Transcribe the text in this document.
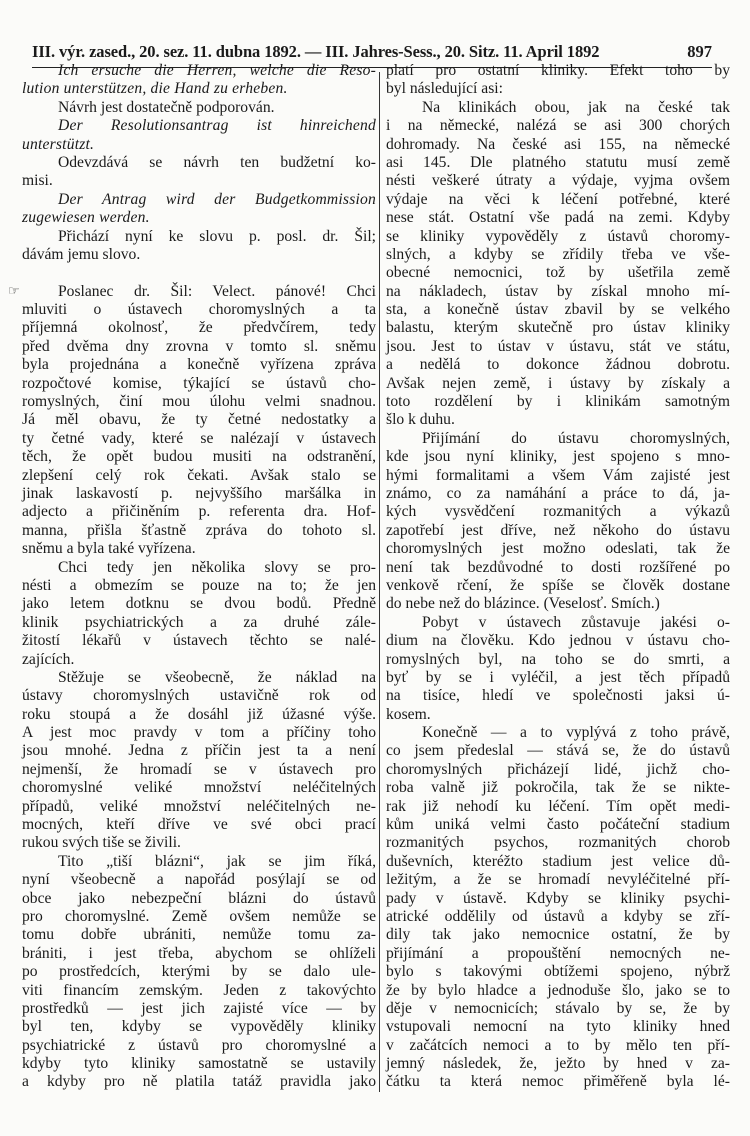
III. výr. zased., 20. sez. 11. dubna 1892. — III. Jahres-Sess., 20. Sitz. 11. April 1892	897
Ich ersuche die Herren, welche die Reso-
lution unterstützen, die Hand zu erheben.
Návrh jest dostatečně podporován.
Der Resolutionsantrag ist hinreichend
unterstützt.
Odevzdává se návrh ten budžetní ko-
misi.
Der Antrag wird der Budgetkommission
zugewiesen werden.
Přichází nyní ke slovu p. posl. dr. Šil;
dávám jemu slovo.
☞	Poslanec dr. Šil: Velect. pánové! Chci
mluviti o ústavech choromyslných a ta
příjemná okolnosť, že předvčírem, tedy
před dvěma dny zrovna v tomto sl. sněmu
byla projednána a konečně vyřízena zpráva
rozpočtové komise, týkající se ústavů cho-
romyslných, činí mou úlohu velmi snadnou.
Já měl obavu, že ty četné nedostatky a
ty četné vady, které se nalézají v ústavech
těch, že opět budou musiti na odstranění,
zlepšení celý rok čekati. Avšak stalo se
jinak laskavostí p. nejvyššího maršálka in
adjecto a přičiněním p. referenta dra. Hof-
manna, přišla šťastně zpráva do tohoto sl.
sněmu a byla také vyřízena.
Chci tedy jen několika slovy se pro-
nésti a obmezím se pouze na to; že jen
jako letem dotknu se dvou bodů. Předně
klinik psychiatrických a za druhé zále-
žitostí lékařů v ústavech těchto se nalé-
zajících.
Stěžuje se všeobecně, že náklad na
ústavy choromyslných ustavičně rok od
roku stoupá a že dosáhl již úžasné výše.
A jest moc pravdy v tom a příčiny toho
jsou mnohé. Jedna z příčin jest ta a není
nejmenší, že hromadí se v ústavech pro
choromyslné veliké množství neléčitelných
případů, veliké množství neléčitelných ne-
mocných, kteří dříve ve své obci prací
rukou svých tiše se živili.
Tito „tiší blázni“, jak se jim říká,
nyní všeobecně a napořád posýlají se od
obce jako nebezpeční blázni do ústavů
pro choromyslné. Země ovšem nemůže se
tomu dobře ubrániti, nemůže tomu za-
brániti, i jest třeba, abychom se ohlíželi
po prostředcích, kterými by se dalo ule-
viti financím zemským. Jeden z takovýchto
prostředků — jest jich zajisté více — by
byl ten, kdyby se vypověděly kliniky
psychiatrické z ústavů pro choromyslné a
kdyby tyto kliniky samostatně se ustavily
a kdyby pro ně platila tatáž pravidla jako
platí pro ostatní kliniky. Efekt toho by
byl následující asi:
Na klinikách obou, jak na české tak
i na německé, nalézá se asi 300 chorých
dohromady. Na české asi 155, na německé
asi 145. Dle platného statutu musí země
nésti veškeré útraty a výdaje, vyjma ovšem
výdaje na věci k léčení potřebné, které
nese stát. Ostatní vše padá na zemi. Kdyby
se kliniky vypověděly z ústavů choromy-
slných, a kdyby se zřídily třeba ve vše-
obecné nemocnici, tož by ušetřila země
na nákladech, ústav by získal mnoho mí-
sta, a konečně ústav zbavil by se velkého
balastu, kterým skutečně pro ústav kliniky
jsou. Jest to ústav v ústavu, stát ve státu,
a nedělá to dokonce žádnou dobrotu.
Avšak nejen země, i ústavy by získaly a
toto rozdělení by i klinikám samotným
šlo k duhu.
Přijímání do ústavu choromyslných,
kde jsou nyní kliniky, jest spojeno s mno-
hými formalitami a všem Vám zajisté jest
známo, co za namáhání a práce to dá, ja-
kých vysvědčení rozmanitých a výkazů
zapotřebí jest dříve, než někoho do ústavu
choromyslných jest možno odeslati, tak že
není tak bezdůvodné to dosti rozšířené po
venkově rčení, že spíše se člověk dostane
do nebe než do blázince. (Veselosť. Smích.)
Pobyt v ústavech zůstavuje jakési o-
dium na člověku. Kdo jednou v ústavu cho-
romyslných byl, na toho se do smrti, a
byť by se i vyléčil, a jest těch případů
na tisíce, hledí ve společnosti jaksi ú-
kosem.
Konečně — a to vyplývá z toho právě,
co jsem předeslal — stává se, že do ústavů
choromyslných přicházejí lidé, jichž cho-
roba valně již pokročila, tak že se nikte-
rak již nehodí ku léčení. Tím opět medi-
kům uniká velmi často počáteční stadium
rozmanitých psychos, rozmanitých chorob
duševních, kteréžto stadium jest velice dů-
ležitým, a že se hromadí nevyléčitelné pří-
pady v ústavě. Kdyby se kliniky psychi-
atrické oddělily od ústavů a kdyby se zří-
dily tak jako nemocnice ostatní, že by
přijímání a propouštění nemocných ne-
bylo s takovými obtížemi spojeno, nýbrž
že by bylo hladce a jednoduše šlo, jako se to
děje v nemocnicích; stávalo by se, že by
vstupovali nemocní na tyto kliniky hned
v začátcích nemoci a to by mělo ten pří-
jemný následek, že, ježto by hned v za-
čátku ta která nemoc přiměřeně byla lé-
